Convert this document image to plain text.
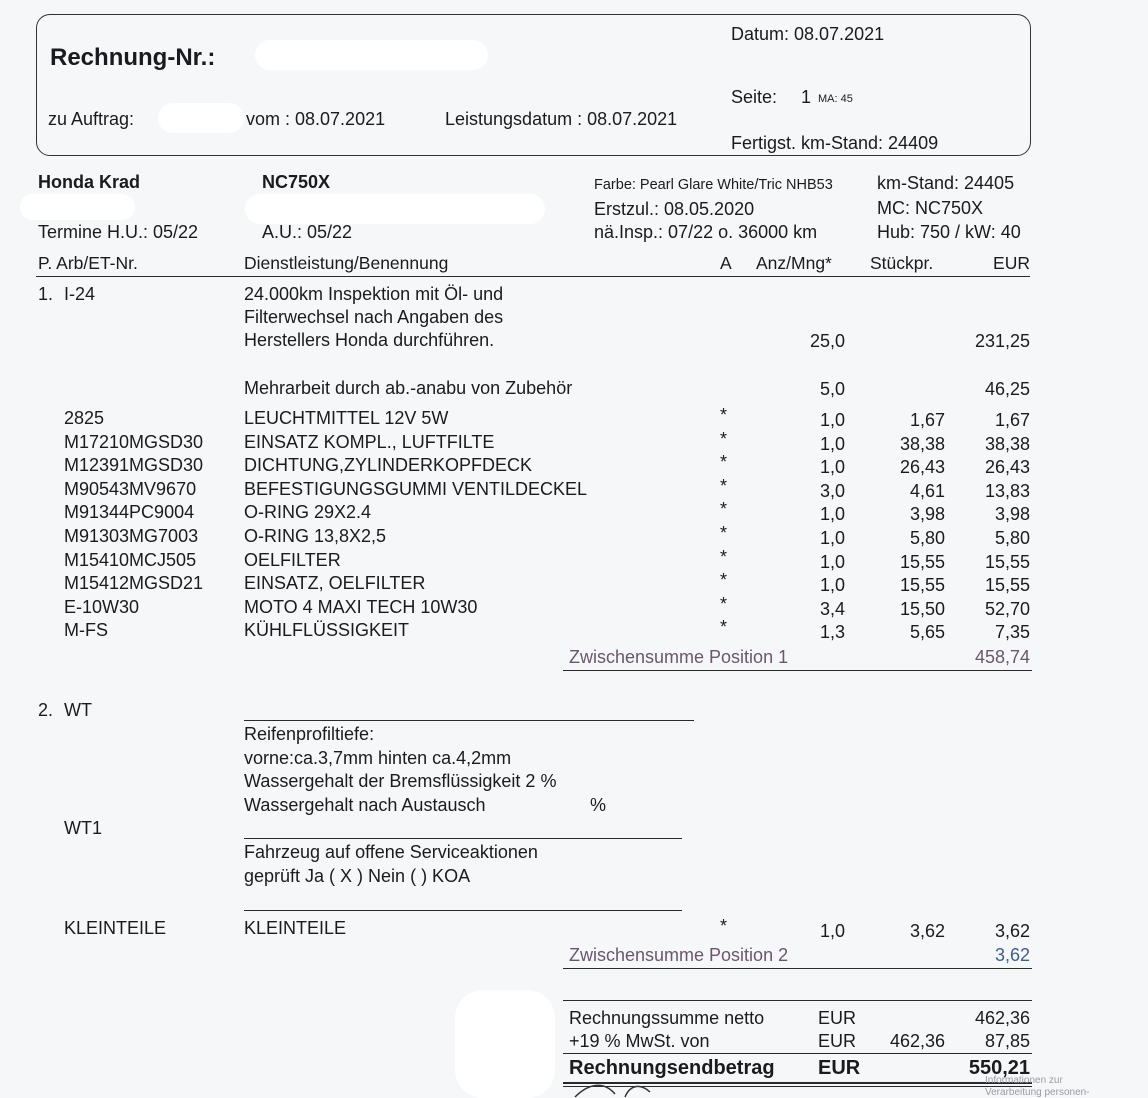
Rechnung-Nr.:
Datum: 08.07.2021
zu Auftrag:	vom : 08.07.2021	Leistungsdatum : 08.07.2021
Seite: 1 MA: 45
Fertigst. km-Stand: 24409
Honda Krad	NC750X	Farbe: Pearl Glare White/Tric NHB53 km-Stand: 24405
Erstzul.: 08.05.2020	MC: NC750X
Termine H.U.: 05/22	A.U.: 05/22	nä.Insp.: 07/22 o. 36000 km	Hub: 750 / kW: 40
P. Arb/ET-Nr.	Dienstleistung/Benennung	A Anz/Mng* Stückpr.	EUR
1. I-24	24.000km Inspektion mit Öl- und
Filterwechsel nach Angaben des
Herstellers Honda durchführen.	25,0	231,25
Mehrarbeit durch ab.-anabu von Zubehör	5,0	46,25
2825	LEUCHTMITTEL 12V 5W	*	1,0	1,67	1,67
M17210MGSD30 EINSATZ KOMPL., LUFTFILTE	*	1,0	38,38	38,38
M12391MGSD30 DICHTUNG,ZYLINDERKOPFDECK	*	1,0	26,43	26,43
M90543MV9670	BEFESTIGUNGSGUMMI VENTILDECKEL	*	3,0	4,61	13,83
M91344PC9004	O-RING 29X2.4	*	1,0	3,98	3,98
M91303MG7003	O-RING 13,8X2,5	*	1,0	5,80	5,80
M15410MCJ505	OELFILTER	*	1,0	15,55	15,55
M15412MGSD21 EINSATZ, OELFILTER	*	1,0	15,55	15,55
E-10W30	MOTO 4 MAXI TECH 10W30	*	3,4	15,50	52,70
M-FS	KÜHLFLÜSSIGKEIT	*	1,3	5,65	7,35
Zwischensumme Position 1	458,74
2. WT
Reifenprofiltiefe:
vorne:ca.3,7mm hinten ca.4,2mm
Wassergehalt der Bremsflüssigkeit 2 %
Wassergehalt nach Austausch	%
WT1
Fahrzeug auf offene Serviceaktionen
geprüft Ja ( X ) Nein ( ) KOA
KLEINTEILE	KLEINTEILE	*	1,0	3,62	3,62
Zwischensumme Position 2	3,62
Rechnungssumme netto	EUR	462,36
+19 % MwSt. von	EUR	462,36	87,85
Rechnungsendbetrag EUR	550,21
Informationen zur
Verarbeitung personen-
